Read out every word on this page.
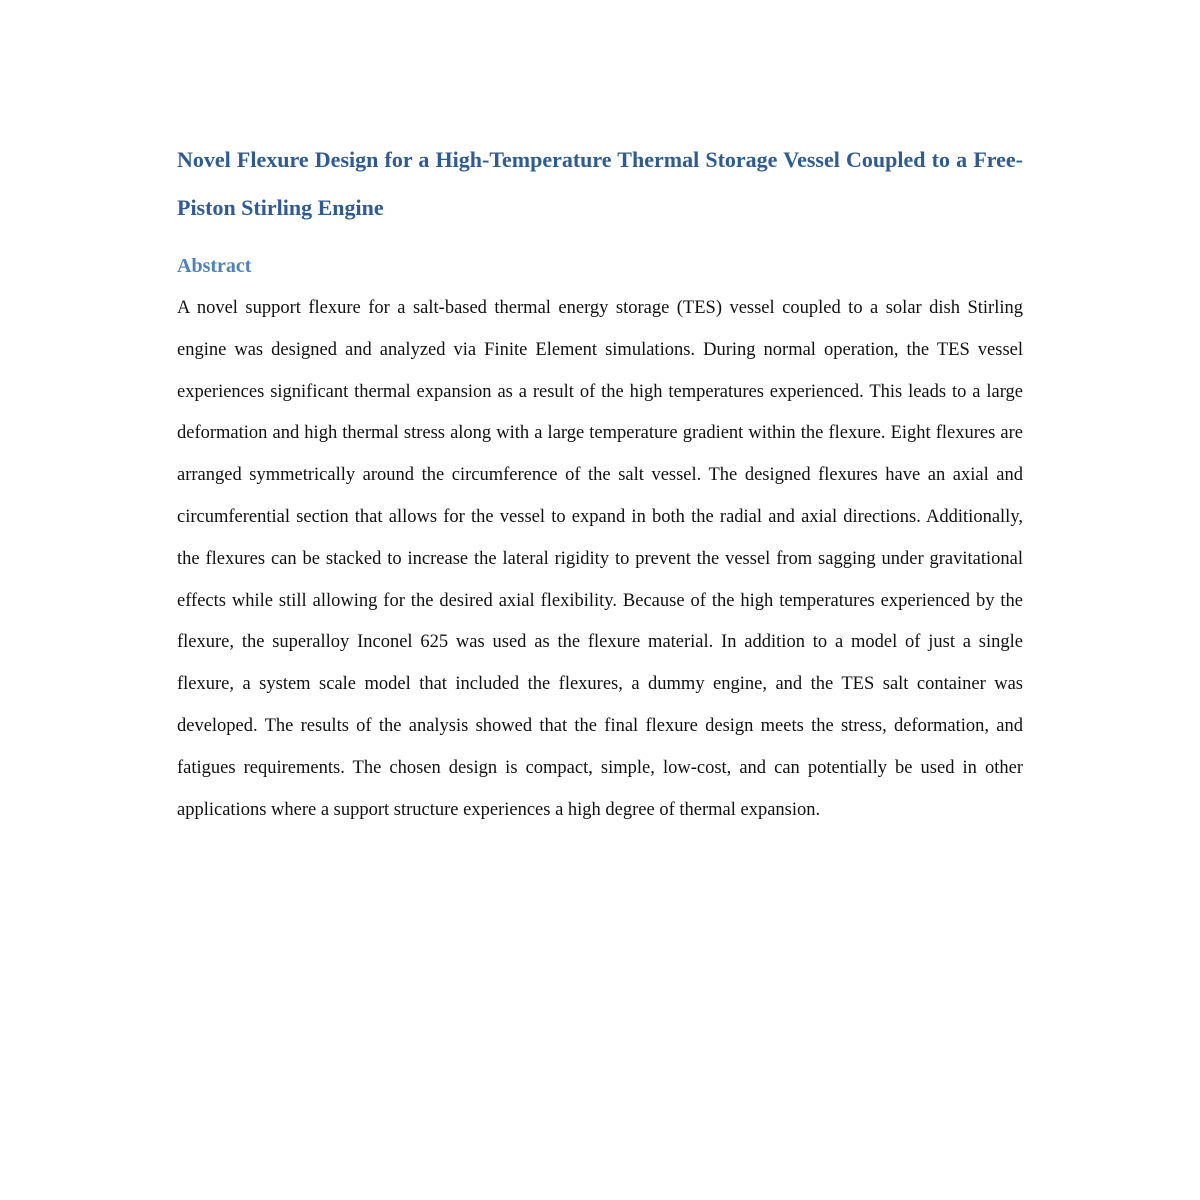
Novel Flexure Design for a High-Temperature Thermal Storage Vessel Coupled to a Free-Piston Stirling Engine
Abstract

A novel support flexure for a salt-based thermal energy storage (TES) vessel coupled to a solar dish Stirling engine was designed and analyzed via Finite Element simulations. During normal operation, the TES vessel experiences significant thermal expansion as a result of the high temperatures experienced. This leads to a large deformation and high thermal stress along with a large temperature gradient within the flexure. Eight flexures are arranged symmetrically around the circumference of the salt vessel. The designed flexures have an axial and circumferential section that allows for the vessel to expand in both the radial and axial directions. Additionally, the flexures can be stacked to increase the lateral rigidity to prevent the vessel from sagging under gravitational effects while still allowing for the desired axial flexibility. Because of the high temperatures experienced by the flexure, the superalloy Inconel 625 was used as the flexure material. In addition to a model of just a single flexure, a system scale model that included the flexures, a dummy engine, and the TES salt container was developed. The results of the analysis showed that the final flexure design meets the stress, deformation, and fatigues requirements. The chosen design is compact, simple, low-cost, and can potentially be used in other applications where a support structure experiences a high degree of thermal expansion.
